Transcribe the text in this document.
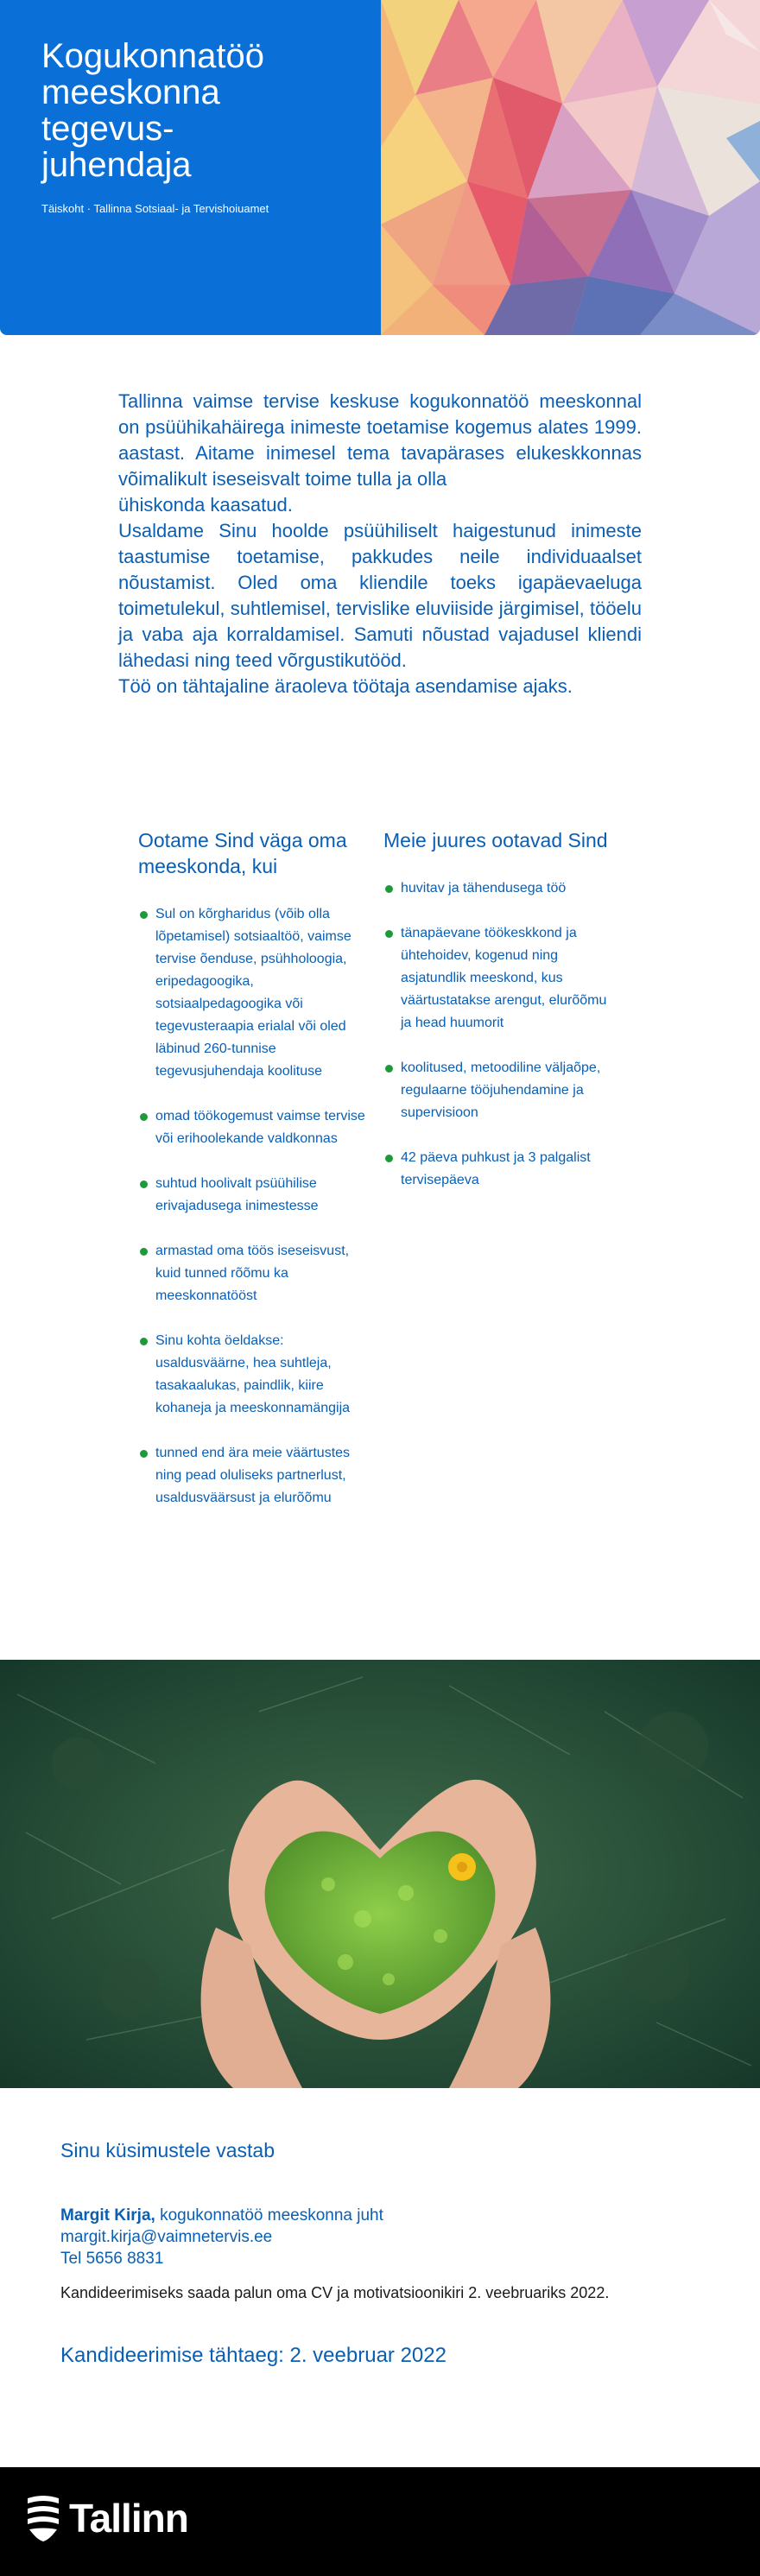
Kogukonnatöö
meeskonna
tegevus-
juhendaja
Täiskoht · Tallinna Sotsiaal- ja Tervishoiuamet

Tallinna vaimse tervise keskuse kogukonnatöö meeskonnal on psüühikahäirega inimeste toetamise kogemus alates 1999. aastast. Aitame inimesel tema tavapärases elukeskkonnas võimalikult iseseisvalt toime tulla ja olla

ühiskonda kaasatud.

Usaldame Sinu hoolde psüühiliselt haigestunud inimeste taastumise toetamise, pakkudes neile individuaalset nõustamist. Oled oma kliendile toeks igapäevaeluga toimetulekul, suhtlemisel, tervislike eluviiside järgimisel, tööelu ja vaba aja korraldamisel. Samuti nõustad vajadusel kliendi lähedasi ning teed võrgustikutööd.

Töö on tähtajaline äraoleva töötaja asendamise ajaks.

Ootame Sind väga oma meeskonda, kui
Sul on kõrgharidus (võib olla lõpetamisel) sotsiaaltöö, vaimse tervise õenduse, psühholoogia, eripedagoogika, sotsiaalpedagoogika või tegevusteraapia erialal või oled läbinud 260-tunnise tegevusjuhendaja koolituse
omad töökogemust vaimse tervise või erihoolekande valdkonnas
suhtud hoolivalt psüühilise erivajadusega inimestesse
armastad oma töös iseseisvust, kuid tunned rõõmu ka meeskonnatööst
Sinu kohta öeldakse: usaldusväärne, hea suhtleja, tasakaalukas, paindlik, kiire kohaneja ja meeskonnamängija
tunned end ära meie väärtustes ning pead oluliseks partnerlust, usaldusväärsust ja elurõõmu
Meie juures ootavad Sind
huvitav ja tähendusega töö
tänapäevane töökeskkond ja ühtehoidev, kogenud ning asjatundlik meeskond, kus väärtustatakse arengut, elurõõmu ja head huumorit
koolitused, metoodiline väljaõpe, regulaarne tööjuhendamine ja supervisioon
42 päeva puhkust ja 3 palgalist tervisepäeva
Sinu küsimustele vastab
Margit Kirja, kogukonnatöö meeskonna juht
margit.kirja@vaimnetervis.ee
Tel 5656 8831
Kandideerimiseks saada palun oma CV ja motivatsioonikiri 2. veebruariks 2022.
Kandideerimise tähtaeg: 2. veebruar 2022
Tallinn
